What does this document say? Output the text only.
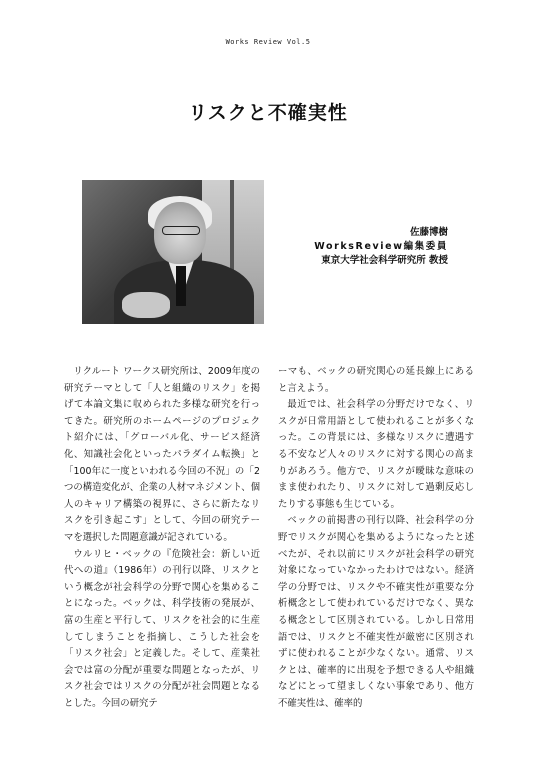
Works Review Vol.5
リスクと不確実性
佐藤博樹
WorksReview編集委員
東京大学社会科学研究所 教授

リクルート ワークス研究所は、2009年度の研究テーマとして「人と組織のリスク」を掲げて本論文集に収められた多様な研究を行ってきた。研究所のホームページのプロジェクト紹介には、「グローバル化、サービス経済化、知識社会化といったパラダイム転換」と「100年に一度といわれる今回の不況」の「2つの構造変化が、企業の人材マネジメント、個人のキャリア構築の視界に、さらに新たなリスクを引き起こす」として、今回の研究テーマを選択した問題意識が記されている。

ウルリヒ・ベックの『危険社会：新しい近代への道』（1986年）の刊行以降、リスクという概念が社会科学の分野で関心を集めることになった。ベックは、科学技術の発展が、富の生産と平行して、リスクを社会的に生産してしまうことを指摘し、こうした社会を「リスク社会」と定義した。そして、産業社会では富の分配が重要な問題となったが、リスク社会ではリスクの分配が社会問題となるとした。今回の研究テ

ーマも、ベックの研究関心の延長線上にあると言えよう。

最近では、社会科学の分野だけでなく、リスクが日常用語として使われることが多くなった。この背景には、多様なリスクに遭遇する不安など人々のリスクに対する関心の高まりがあろう。他方で、リスクが曖昧な意味のまま使われたり、リスクに対して過剰反応したりする事態も生じている。

ベックの前掲書の刊行以降、社会科学の分野でリスクが関心を集めるようになったと述べたが、それ以前にリスクが社会科学の研究対象になっていなかったわけではない。経済学の分野では、リスクや不確実性が重要な分析概念として使われているだけでなく、異なる概念として区別されている。しかし日常用語では、リスクと不確実性が厳密に区別されずに使われることが少なくない。通常、リスクとは、確率的に出現を予想できる人や組織などにとって望ましくない事象であり、他方不確実性は、確率的
